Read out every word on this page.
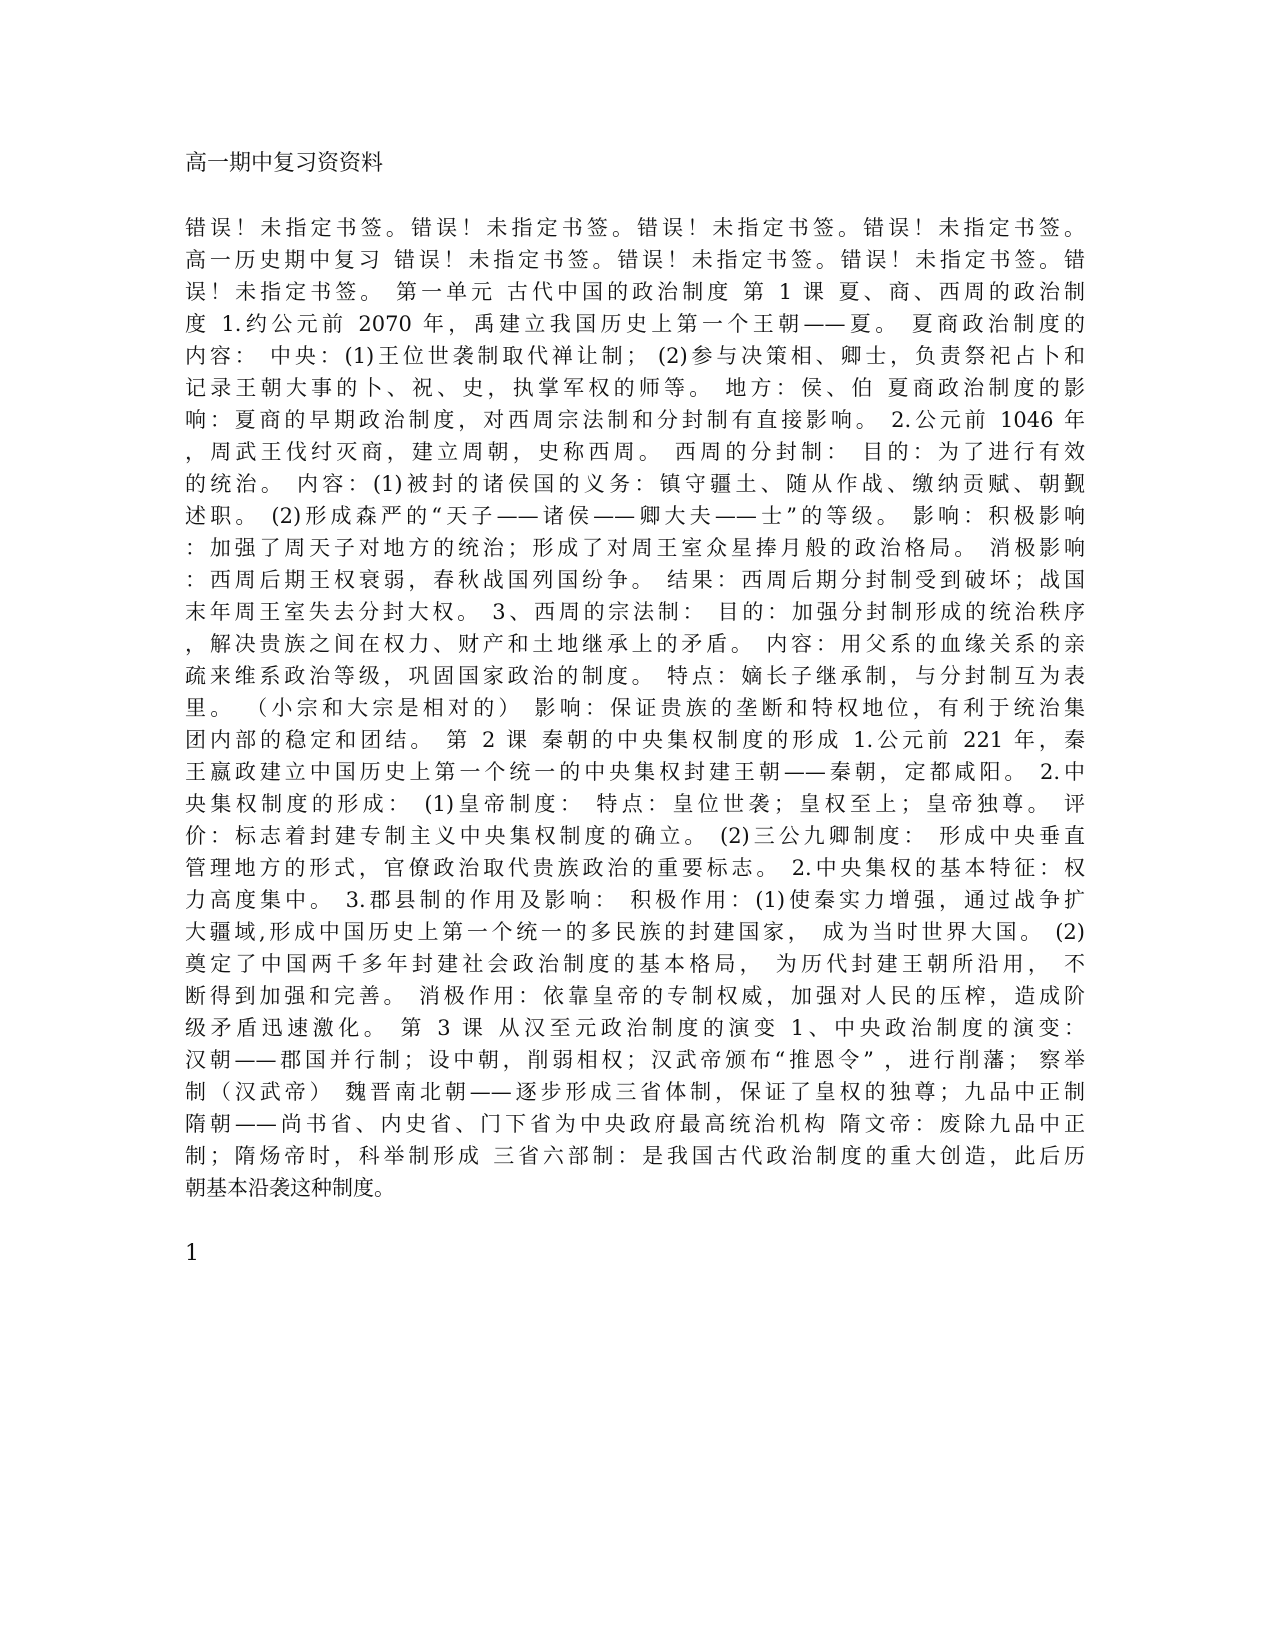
高一期中复习资资料
错误！未指定书签。错误！未指定书签。错误！未指定书签。错误！未指定书签。
高一历史期中复习 错误！未指定书签。错误！未指定书签。错误！未指定书签。错
误！未指定书签。 第一单元 古代中国的政治制度 第 1 课 夏、商、西周的政治制
度 1.约公元前 2070 年，禹建立我国历史上第一个王朝——夏。 夏商政治制度的
内容： 中央：(1)王位世袭制取代禅让制； (2)参与决策相、卿士，负责祭祀占卜和
记录王朝大事的卜、祝、史，执掌军权的师等。 地方：侯、伯 夏商政治制度的影
响：夏商的早期政治制度，对西周宗法制和分封制有直接影响。 2.公元前 1046 年
，周武王伐纣灭商，建立周朝，史称西周。 西周的分封制： 目的：为了进行有效
的统治。 内容：(1)被封的诸侯国的义务：镇守疆土、随从作战、缴纳贡赋、朝觐
述职。 (2)形成森严的“天子——诸侯——卿大夫——士”的等级。 影响：积极影响
：加强了周天子对地方的统治；形成了对周王室众星捧月般的政治格局。 消极影响
：西周后期王权衰弱，春秋战国列国纷争。 结果：西周后期分封制受到破坏；战国
末年周王室失去分封大权。 3、西周的宗法制： 目的：加强分封制形成的统治秩序
，解决贵族之间在权力、财产和土地继承上的矛盾。 内容：用父系的血缘关系的亲
疏来维系政治等级，巩固国家政治的制度。 特点：嫡长子继承制，与分封制互为表
里。 （小宗和大宗是相对的） 影响：保证贵族的垄断和特权地位，有利于统治集
团内部的稳定和团结。 第 2 课 秦朝的中央集权制度的形成 1.公元前 221 年，秦
王嬴政建立中国历史上第一个统一的中央集权封建王朝——秦朝，定都咸阳。 2.中
央集权制度的形成： (1)皇帝制度： 特点：皇位世袭；皇权至上；皇帝独尊。 评
价：标志着封建专制主义中央集权制度的确立。 (2)三公九卿制度： 形成中央垂直
管理地方的形式，官僚政治取代贵族政治的重要标志。 2.中央集权的基本特征：权
力高度集中。 3.郡县制的作用及影响： 积极作用：(1)使秦实力增强，通过战争扩
大疆域,形成中国历史上第一个统一的多民族的封建国家， 成为当时世界大国。 (2)
奠定了中国两千多年封建社会政治制度的基本格局， 为历代封建王朝所沿用， 不
断得到加强和完善。 消极作用：依靠皇帝的专制权威，加强对人民的压榨，造成阶
级矛盾迅速激化。 第 3 课 从汉至元政治制度的演变 1、中央政治制度的演变：
汉朝——郡国并行制；设中朝，削弱相权；汉武帝颁布“推恩令” ，进行削藩； 察举
制（汉武帝） 魏晋南北朝——逐步形成三省体制，保证了皇权的独尊；九品中正制
隋朝——尚书省、内史省、门下省为中央政府最高统治机构 隋文帝：废除九品中正
制；隋炀帝时，科举制形成 三省六部制：是我国古代政治制度的重大创造，此后历
朝基本沿袭这种制度。
1
